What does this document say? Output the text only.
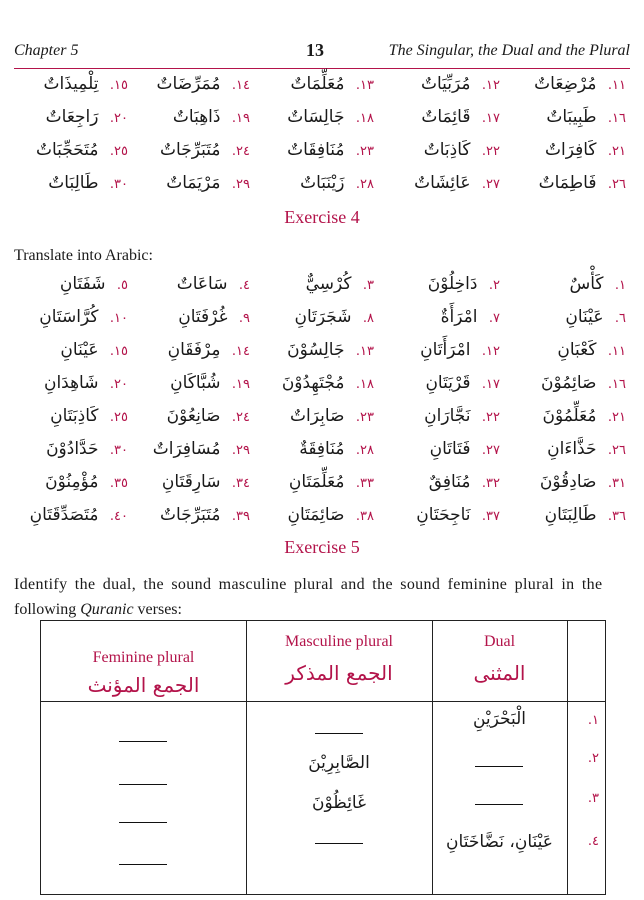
Chapter 5	13	The Singular, the Dual and the Plural
١١. مُرْضِعَاتٌ
١٢. مُرَبِّيَاتٌ
١٣. مُعَلِّمَاتٌ
١٤. مُمَرِّضَاتٌ
١٥. تِلْمِيذَاتٌ
١٦. طَبِيبَاتٌ
١٧. قَائِمَاتٌ
١٨. جَالِسَاتٌ
١٩. ذَاهِبَاتٌ
٢٠. رَاجِعَاتٌ
٢١. كَافِرَاتٌ
٢٢. كَاذِبَاتٌ
٢٣. مُنَافِقَاتٌ
٢٤. مُتَبَرِّجَاتٌ
٢٥. مُتَحَجِّبَاتٌ
٢٦. فَاطِمَاتٌ
٢٧. عَائِشَاتٌ
٢٨. زَيْنَبَاتٌ
٢٩. مَرْيَمَاتٌ
٣٠. طَالِبَاتٌ
Exercise 4
Translate into Arabic:
١. كَأْسٌ
٢. دَاخِلُوْنَ
٣. كُرْسِيٌّ
٤. سَاعَاتٌ
٥. شَفَتَانِ
٦. عَيْنَانِ
٧. امْرَأَةٌ
٨. شَجَرَتَانِ
٩. غُرْفَتَانِ
١٠. كُرَّاسَتَانِ
١١. كَعْبَانِ
١٢. امْرَأَتَانِ
١٣. جَالِسُوْنَ
١٤. مِرْفَقَانِ
١٥. عَيْنَانِ
١٦. صَائِمُوْنَ
١٧. قَرْيَتَانِ
١٨. مُجْتَهِدُوْنَ
١٩. شُبَّاكَانِ
٢٠. شَاهِدَانِ
٢١. مُعَلِّمُوْنَ
٢٢. نَجَّارَانِ
٢٣. صَابِرَاتٌ
٢٤. صَانِعُوْنَ
٢٥. كَاذِبَتَانِ
٢٦. حَذَّاءَانِ
٢٧. فَتَاتَانِ
٢٨. مُنَافِقَةٌ
٢٩. مُسَافِرَاتٌ
٣٠. حَدَّادُوْنَ
٣١. صَادِقُوْنَ
٣٢. مُنَافِقٌ
٣٣. مُعَلِّمَتَانِ
٣٤. سَارِقَتَانِ
٣٥. مُؤْمِنُوْنَ
٣٦. طَالِبَتَانِ
٣٧. نَاجِحَتَانِ
٣٨. صَائِمَتَانِ
٣٩. مُتَبَرِّجَاتٌ
٤٠. مُتَصَدِّقَتَانِ
Exercise 5
Identify the dual, the sound masculine plural and the sound feminine plural in the
following Quranic verses:
Feminine plural
الجمع المؤنث
Masculine plural
الجمع المذكر
Dual
المثنى
.١
الْبَحْرَيْنِ
.٢
الصَّابِرِيْنَ
.٣
غَائِظُوْنَ
.٤
عَيْنَانِ، نَضَّاخَتَانِ
